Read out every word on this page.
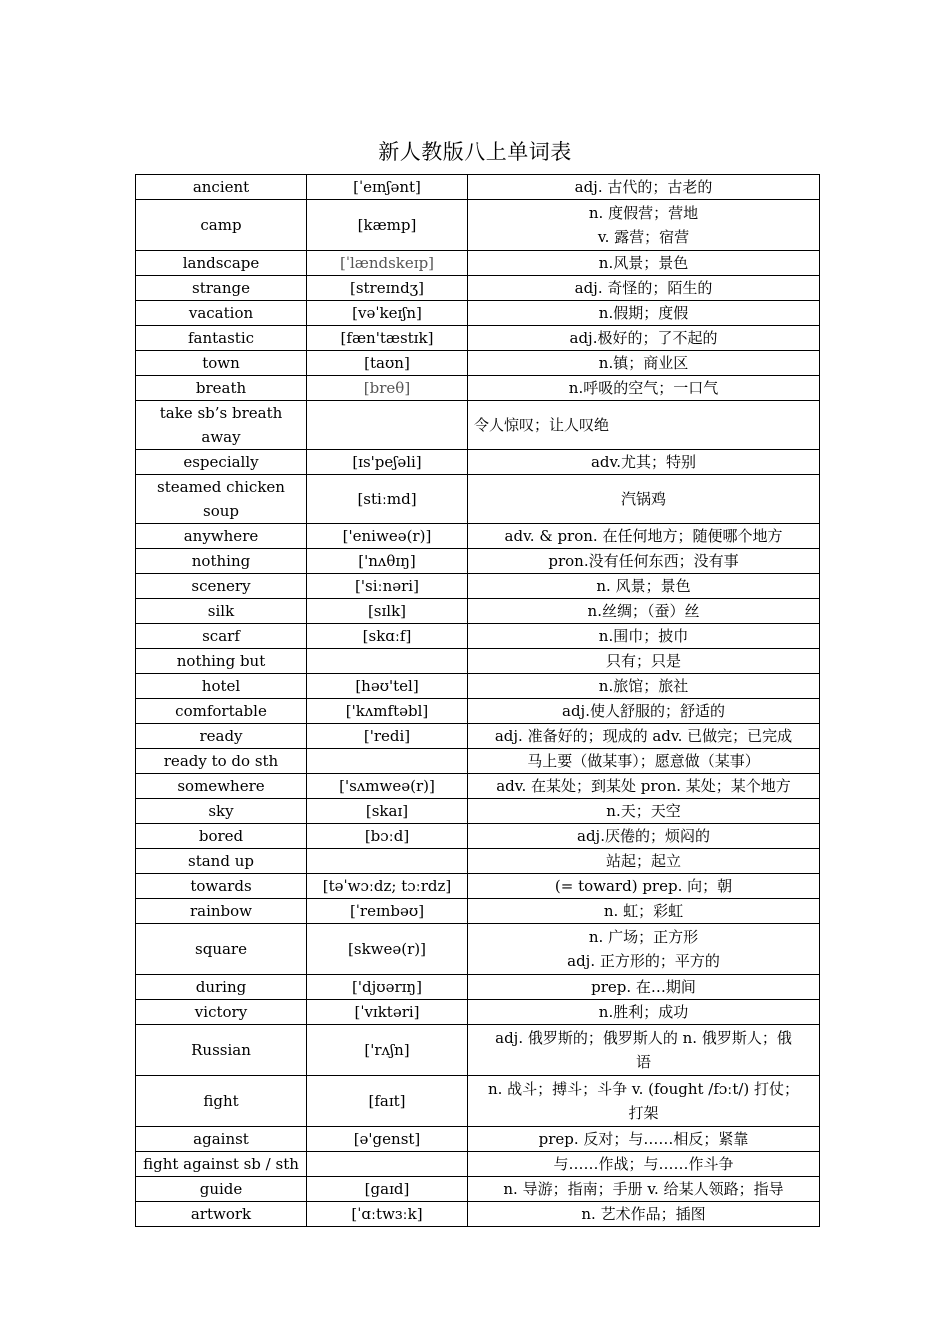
新人教版八上单词表
ancient	[ˈeɪnʃənt]	adj. 古代的；古老的

camp	[kæmp]	n. 度假营；营地
v. 露营；宿营

landscape	[ˈlændskeɪp]	n.风景；景色

strange	[streɪndʒ]	adj. 奇怪的；陌生的

vacation	[vəˈkeɪʃn]	n.假期；度假

fantastic	[fæn'tæstɪk]	adj.极好的；了不起的

town	[taʊn]	n.镇；商业区

breath	[breθ]	n.呼吸的空气；一口气

take sb’s breath away		令人惊叹；让人叹绝

especially	[ɪs'peʃəli]	adv.尤其；特别

steamed chicken soup	[stiːmd]	汽锅鸡

anywhere	['eniweə(r)]	adv. & pron. 在任何地方；随便哪个地方

nothing	['nʌθɪŋ]	pron.没有任何东西；没有事

scenery	['siːnəri]	n. 风景；景色

silk	[sɪlk]	n.丝绸；（蚕）丝

scarf	[skɑːf]	n.围巾；披巾

nothing but		只有；只是

hotel	[həʊ'tel]	n.旅馆；旅社

comfortable	['kʌmftəbl]	adj.使人舒服的；舒适的

ready	['redi]	adj. 准备好的；现成的 adv. 已做完；已完成

ready to do sth		马上要（做某事）；愿意做（某事）

somewhere	['sʌmweə(r)]	adv. 在某处；到某处 pron. 某处；某个地方

sky	[skaɪ]	n.天；天空

bored	[bɔːd]	adj.厌倦的；烦闷的

stand up		站起；起立

towards	[təˈwɔːdz; tɔːrdz]	(= toward) prep. 向；朝

rainbow	[ˈreɪnbəʊ]	n. 虹；彩虹

square	[skweə(r)]	n. 广场；正方形
adj. 正方形的；平方的

during	['djʊərɪŋ]	prep. 在…期间

victory	[ˈvɪktəri]	n.胜利；成功

Russian	['rʌʃn]	adj. 俄罗斯的；俄罗斯人的 n. 俄罗斯人；俄
语

fight	[faɪt]	n. 战斗；搏斗；斗争 v. (fought /fɔːt/) 打仗；
打架

against	[ə'genst]	prep. 反对；与……相反；紧靠

fight against sb / sth		与……作战；与……作斗争

guide	[gaɪd]	n. 导游；指南；手册 v. 给某人领路；指导

artwork	[ˈɑːtwɜːk]	n. 艺术作品；插图
